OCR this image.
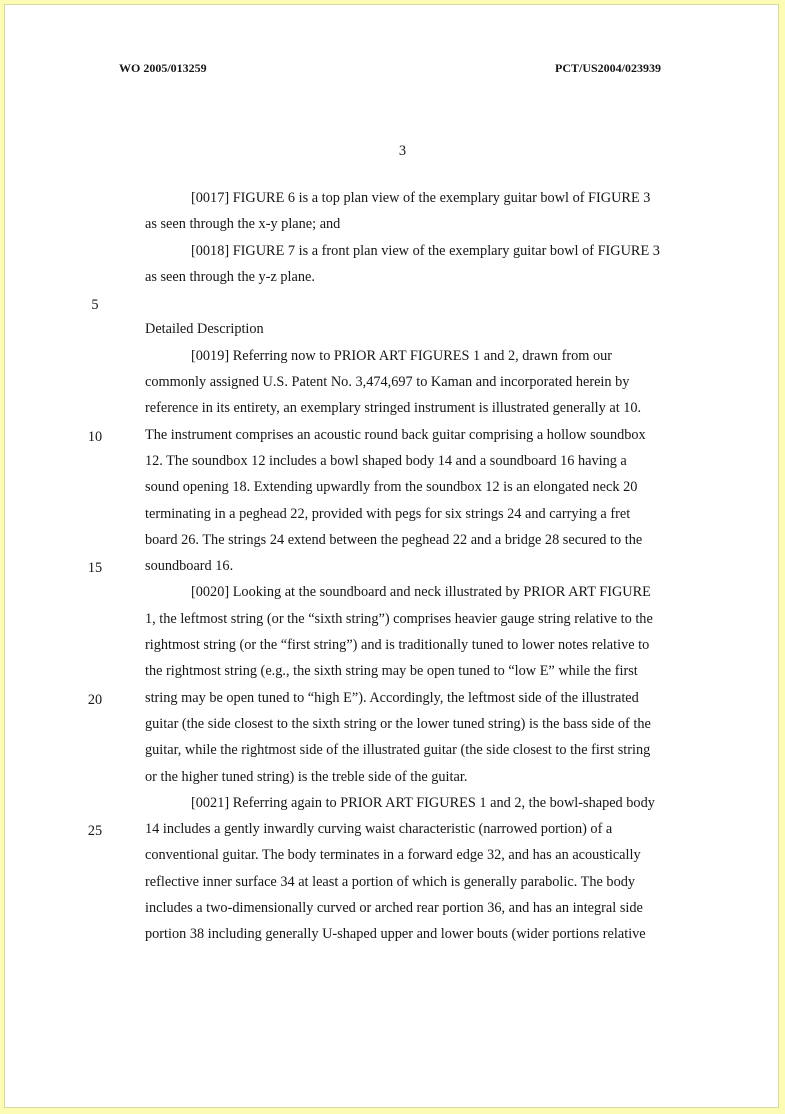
WO 2005/013259	PCT/US2004/023939
3
5
10
15
20
25
[0017] FIGURE 6 is a top plan view of the exemplary guitar bowl of FIGURE 3
as seen through the x-y plane; and
[0018] FIGURE 7 is a front plan view of the exemplary guitar bowl of FIGURE 3
as seen through the y-z plane.
Detailed Description
[0019] Referring now to PRIOR ART FIGURES 1 and 2, drawn from our
commonly assigned U.S. Patent No. 3,474,697 to Kaman and incorporated herein by
reference in its entirety, an exemplary stringed instrument is illustrated generally at 10.
The instrument comprises an acoustic round back guitar comprising a hollow soundbox
12. The soundbox 12 includes a bowl shaped body 14 and a soundboard 16 having a
sound opening 18. Extending upwardly from the soundbox 12 is an elongated neck 20
terminating in a peghead 22, provided with pegs for six strings 24 and carrying a fret
board 26. The strings 24 extend between the peghead 22 and a bridge 28 secured to the
soundboard 16.
[0020] Looking at the soundboard and neck illustrated by PRIOR ART FIGURE
1, the leftmost string (or the “sixth string”) comprises heavier gauge string relative to the
rightmost string (or the “first string”) and is traditionally tuned to lower notes relative to
the rightmost string (e.g., the sixth string may be open tuned to “low E” while the first
string may be open tuned to “high E”). Accordingly, the leftmost side of the illustrated
guitar (the side closest to the sixth string or the lower tuned string) is the bass side of the
guitar, while the rightmost side of the illustrated guitar (the side closest to the first string
or the higher tuned string) is the treble side of the guitar.
[0021] Referring again to PRIOR ART FIGURES 1 and 2, the bowl-shaped body
14 includes a gently inwardly curving waist characteristic (narrowed portion) of a
conventional guitar. The body terminates in a forward edge 32, and has an acoustically
reflective inner surface 34 at least a portion of which is generally parabolic. The body
includes a two-dimensionally curved or arched rear portion 36, and has an integral side
portion 38 including generally U-shaped upper and lower bouts (wider portions relative
